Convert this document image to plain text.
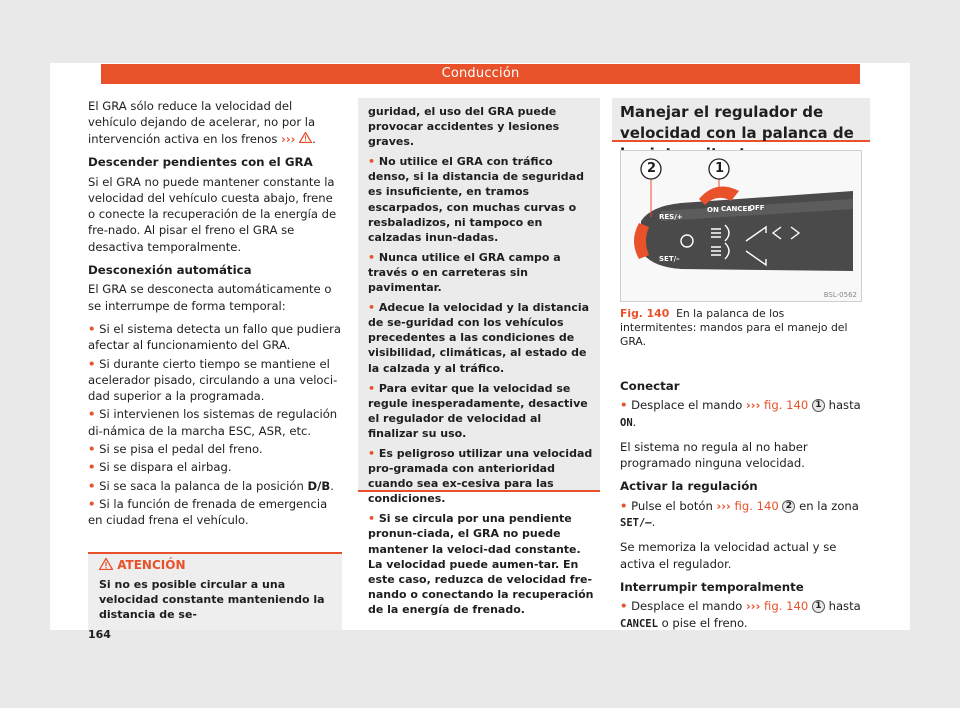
Conducción

El GRA sólo reduce la velocidad del vehículo dejando de acelerar, no por la intervención activa en los frenos ››› .

Descender pendientes con el GRA

Si el GRA no puede mantener constante la velocidad del vehículo cuesta abajo, frene o conecte la recuperación de la energía de fre-nado. Al pisar el freno el GRA se desactiva temporalmente.

Desconexión automática

El GRA se desconecta automáticamente o se interrumpe de forma temporal:

• Si el sistema detecta un fallo que pudiera afectar al funcionamiento del GRA.
• Si durante cierto tiempo se mantiene el acelerador pisado, circulando a una veloci-dad superior a la programada.
• Si intervienen los sistemas de regulación di-námica de la marcha ESC, ASR, etc.
• Si se pisa el pedal del freno.
• Si se dispara el airbag.
• Si se saca la palanca de la posición D/B.
• Si la función de frenada de emergencia en ciudad frena el vehículo.
ATENCIÓN
Si no es posible circular a una velocidad constante manteniendo la distancia de se-

guridad, el uso del GRA puede provocar accidentes y lesiones graves.

• No utilice el GRA con tráfico denso, si la distancia de seguridad es insuficiente, en tramos escarpados, con muchas curvas o resbaladizos, ni tampoco en calzadas inun-dadas.

• Nunca utilice el GRA campo a través o en carreteras sin pavimentar.

• Adecue la velocidad y la distancia de se-guridad con los vehículos precedentes a las condiciones de visibilidad, climáticas, al estado de la calzada y al tráfico.

• Para evitar que la velocidad se regule inesperadamente, desactive el regulador de velocidad al finalizar su uso.

• Es peligroso utilizar una velocidad pro-gramada con anterioridad cuando sea ex-cesiva para las condiciones.

• Si se circula por una pendiente pronun-ciada, el GRA no puede mantener la veloci-dad constante. La velocidad puede aumen-tar. En este caso, reduzca de velocidad fre-nando o conectando la recuperación de la energía de frenado.

Manejar el regulador de velocidad con la palanca de
1
2
ON CANCEL
OFF
RES/+
SET/–
BSL-0562
Fig. 140 En la palanca de los intermitentes: mandos para el manejo del GRA.
Conectar
• Desplace el mando ››› fig. 140 1 hasta ON.

El sistema no regula al no haber programado ninguna velocidad.

Activar la regulación
• Pulse el botón ››› fig. 140 2 en la zona SET/–.

Se memoriza la velocidad actual y se activa el regulador.

Interrumpir temporalmente
• Desplace el mando ››› fig. 140 1 hasta CANCEL o pise el freno.
164
